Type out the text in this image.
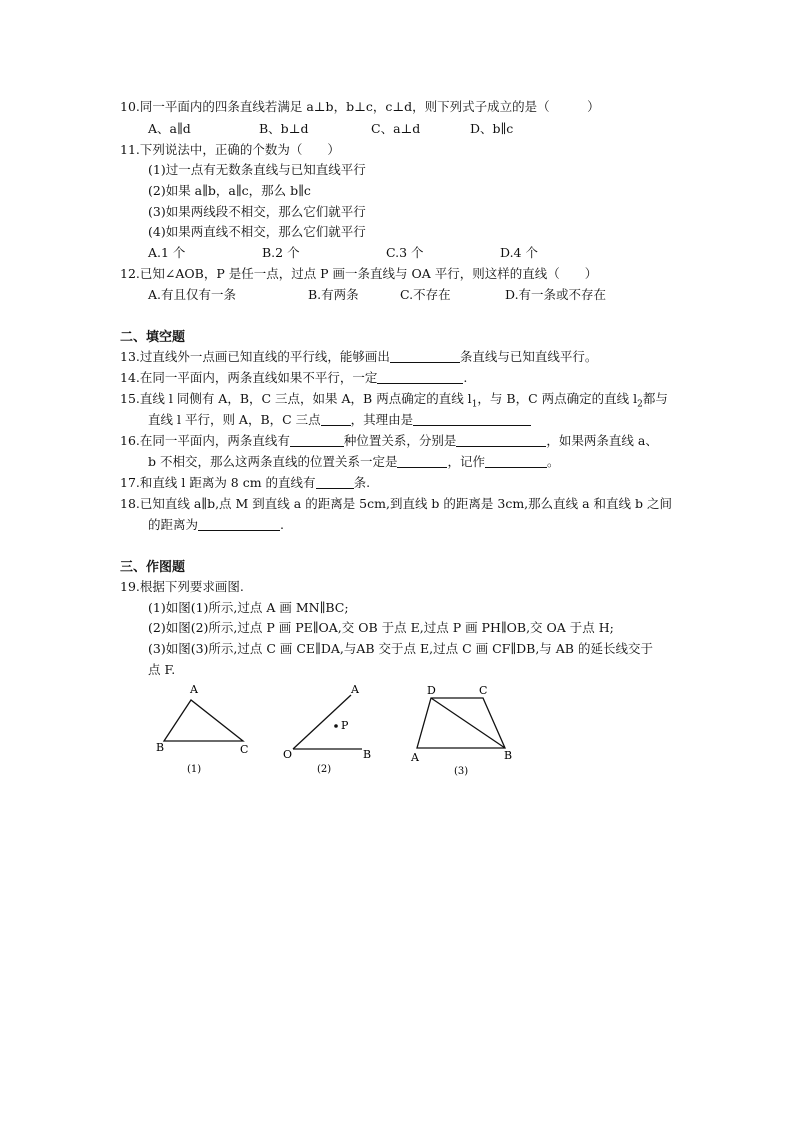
10.同一平面内的四条直线若满足 a⊥b，b⊥c，c⊥d，则下列式子成立的是（　　　）
A、a∥d	B、b⊥d	C、a⊥d	D、b∥c
11.下列说法中，正确的个数为（　　）
(1)过一点有无数条直线与已知直线平行
(2)如果 a∥b，a∥c，那么 b∥c
(3)如果两线段不相交，那么它们就平行
(4)如果两直线不相交，那么它们就平行
A.1 个	B.2 个	C.3 个	D.4 个
12.已知∠AOB，P 是任一点，过点 P 画一条直线与 OA 平行，则这样的直线（　　）
A.有且仅有一条	B.有两条	C.不存在	D.有一条或不存在
二、填空题
13.过直线外一点画已知直线的平行线，能够画出	条直线与已知直线平行。
14.在同一平面内，两条直线如果不平行，一定	.
15.直线 l 同侧有 A，B，C 三点，如果 A，B 两点确定的直线 $l_1$，与 B，C 两点确定的直线 $l_2$都与
直线 l 平行，则 A，B，C 三点 ，其理由是
16.在同一平面内，两条直线有	种位置关系，分别是	，如果两条直线 a、
b 不相交，那么这两条直线的位置关系一定是	，记作	。
17.和直线 l 距离为 8 cm 的直线有	条.
18.已知直线 a∥b,点 M 到直线 a 的距离是 5cm,到直线 b 的距离是 3cm,那么直线 a 和直线 b 之间
的距离为	.
三、作图题
19.根据下列要求画图.
(1)如图(1)所示,过点 A 画 MN∥BC;
(2)如图(2)所示,过点 P 画 PE∥OA,交 OB 于点 E,过点 P 画 PH∥OB,交 OA 于点 H;
(3)如图(3)所示,过点 C 画 CE∥DA,与AB 交于点 E,过点 C 画 CF∥DB,与 AB 的延长线交于
点 F.
A
B	C
(1)
A
P
O	B
(2)
D	C
A	B
(3)
